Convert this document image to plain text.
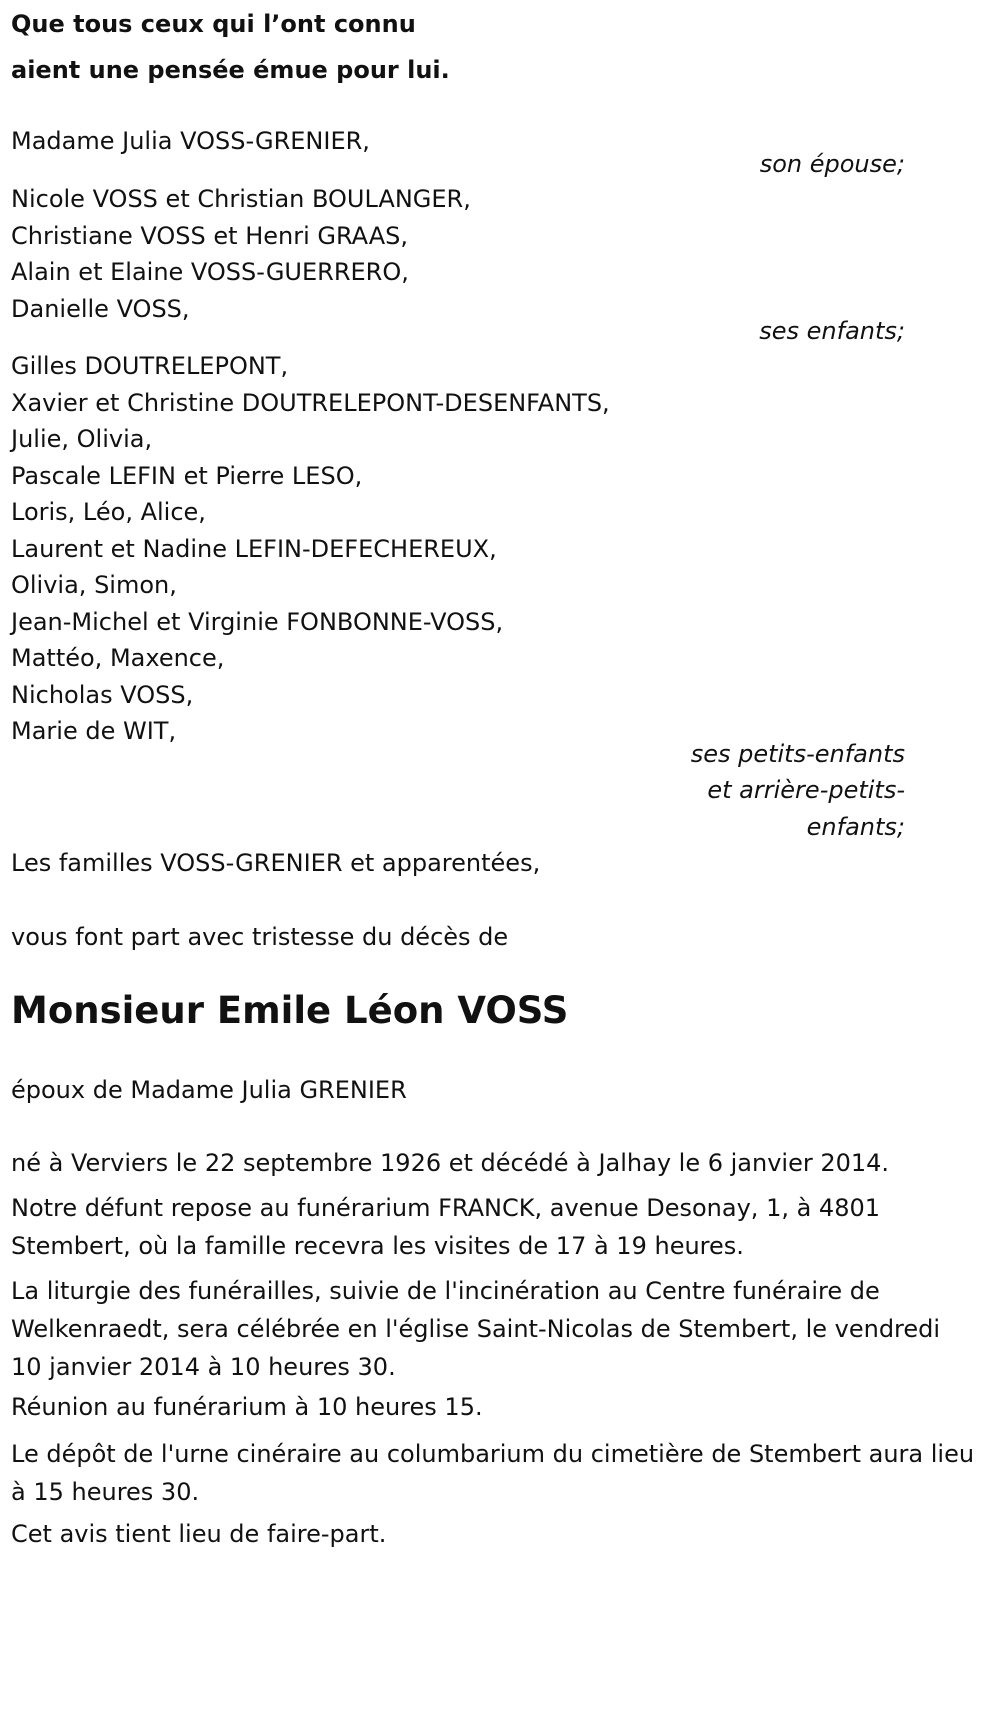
Que tous ceux qui l’ont connu
aient une pensée émue pour lui.
Madame Julia VOSS-GRENIER,
son épouse;
Nicole VOSS et Christian BOULANGER,
Christiane VOSS et Henri GRAAS,
Alain et Elaine VOSS-GUERRERO,
Danielle VOSS,
ses enfants;
Gilles DOUTRELEPONT,
Xavier et Christine DOUTRELEPONT-DESENFANTS,
Julie, Olivia,
Pascale LEFIN et Pierre LESO,
Loris, Léo, Alice,
Laurent et Nadine LEFIN-DEFECHEREUX,
Olivia, Simon,
Jean-Michel et Virginie FONBONNE-VOSS,
Mattéo, Maxence,
Nicholas VOSS,
Marie de WIT,
ses petits-enfants
et arrière-petits-
enfants;
Les familles VOSS-GRENIER et apparentées,
vous font part avec tristesse du décès de
Monsieur Emile Léon VOSS
époux de Madame Julia GRENIER
né à Verviers le 22 septembre 1926 et décédé à Jalhay le 6 janvier 2014.
Notre défunt repose au funérarium FRANCK, avenue Desonay, 1, à 4801 Stembert, où la famille recevra les visites de 17 à 19 heures.
La liturgie des funérailles, suivie de l'incinération au Centre funéraire de Welkenraedt, sera célébrée en l'église Saint-Nicolas de Stembert, le vendredi 10 janvier 2014 à 10 heures 30.
Réunion au funérarium à 10 heures 15.
Le dépôt de l'urne cinéraire au columbarium du cimetière de Stembert aura lieu à 15 heures 30.
Cet avis tient lieu de faire-part.
